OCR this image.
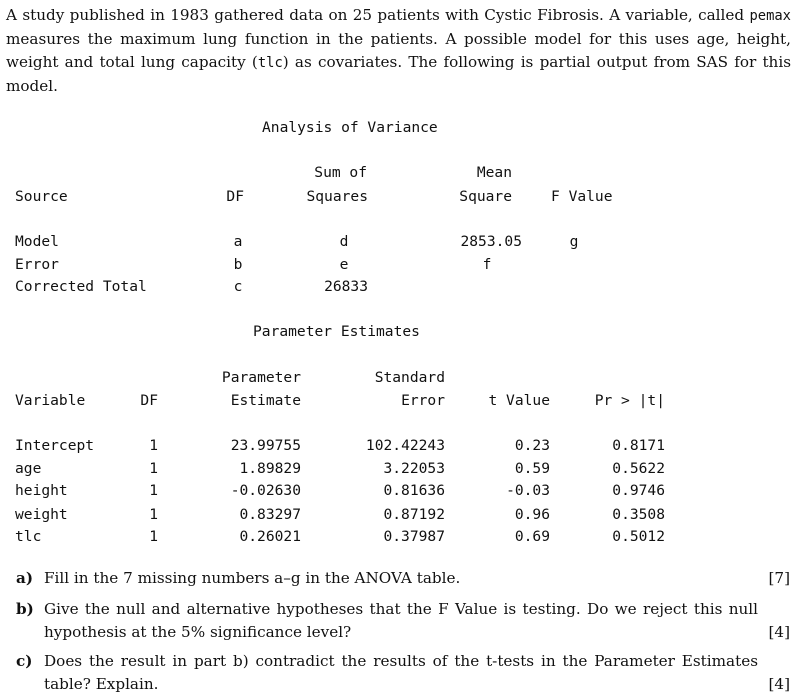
A study published in 1983 gathered data on 25 patients with Cystic Fibrosis. A variable, called pemax measures the maximum lung function in the patients. A possible model for this uses age, height, weight and total lung capacity (tlc) as covariates. The following is partial output from SAS for this model.

Analysis of Variance
Sum of	Mean
Source	DF	Squares	Square	F Value
Model	a	d	2853.05	g
Error	b	e	f
Corrected Total	c	26833
Parameter Estimates
Parameter	Standard
Variable	DF	Estimate	Error	t Value	Pr > |t|
Intercept	1	23.99755	102.42243	0.23	0.8171
age	1	1.89829	3.22053	0.59	0.5622
height	1	-0.02630	0.81636	-0.03	0.9746
weight	1	0.83297	0.87192	0.96	0.3508
tlc	1	0.26021	0.37987	0.69	0.5012
a) Fill in the 7 missing numbers a–g in the ANOVA table.	[7]
b) Give the null and alternative hypotheses that the F Value is testing. Do we reject this null hypothesis at the 5% significance level?	[4]
c) Does the result in part b) contradict the results of the t-tests in the Parameter Estimates table? Explain.	[4]
